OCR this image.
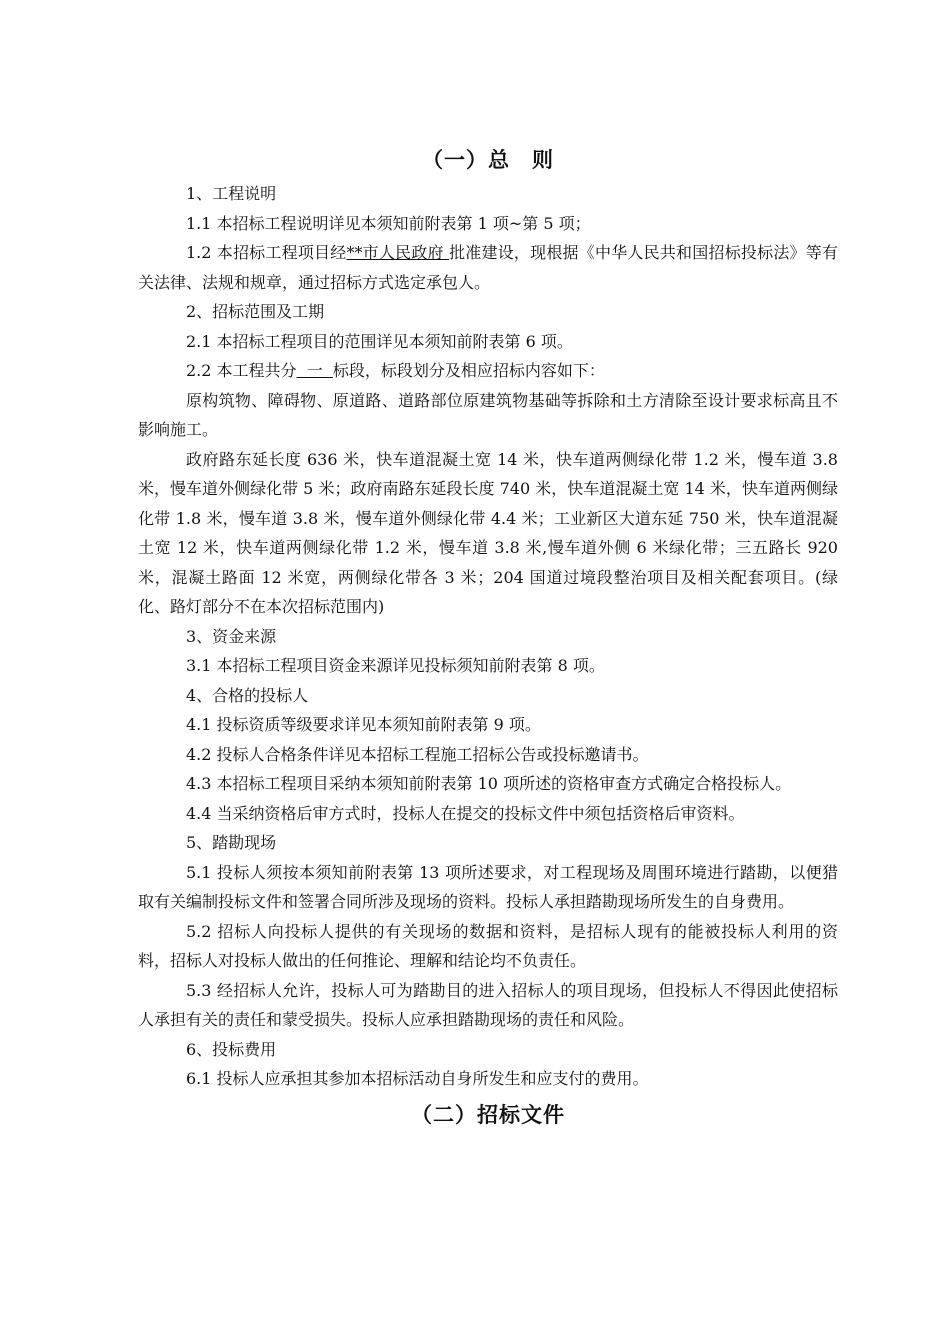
（一）总　则

1、工程说明

1.1 本招标工程说明详见本须知前附表第 1 项~第 5 项；

1.2 本招标工程项目经**市人民政府 批准建设，现根据《中华人民共和国招标投标法》等有关法律、法规和规章，通过招标方式选定承包人。

2、招标范围及工期

2.1 本招标工程项目的范围详见本须知前附表第 6 项。

2.2 本工程共分  一  标段，标段划分及相应招标内容如下：

原构筑物、障碍物、原道路、道路部位原建筑物基础等拆除和土方清除至设计要求标高且不影响施工。

政府路东延长度 636 米，快车道混凝土宽 14 米，快车道两侧绿化带 1.2 米，慢车道 3.8 米，慢车道外侧绿化带 5 米；政府南路东延段长度 740 米，快车道混凝土宽 14 米，快车道两侧绿化带 1.8 米，慢车道 3.8 米，慢车道外侧绿化带 4.4 米；工业新区大道东延 750 米，快车道混凝土宽 12 米，快车道两侧绿化带 1.2 米，慢车道 3.8 米,慢车道外侧 6 米绿化带；三五路长 920 米，混凝土路面 12 米宽，两侧绿化带各 3 米；204 国道过境段整治项目及相关配套项目。(绿化、路灯部分不在本次招标范围内)

3、资金来源

3.1 本招标工程项目资金来源详见投标须知前附表第 8 项。

4、合格的投标人

4.1 投标资质等级要求详见本须知前附表第 9 项。

4.2 投标人合格条件详见本招标工程施工招标公告或投标邀请书。

4.3 本招标工程项目采纳本须知前附表第 10 项所述的资格审查方式确定合格投标人。

4.4 当采纳资格后审方式时，投标人在提交的投标文件中须包括资格后审资料。

5、踏勘现场

5.1 投标人须按本须知前附表第 13 项所述要求，对工程现场及周围环境进行踏勘，以便猎取有关编制投标文件和签署合同所涉及现场的资料。投标人承担踏勘现场所发生的自身费用。

5.2 招标人向投标人提供的有关现场的数据和资料，是招标人现有的能被投标人利用的资料，招标人对投标人做出的任何推论、理解和结论均不负责任。

5.3 经招标人允许，投标人可为踏勘目的进入招标人的项目现场，但投标人不得因此使招标人承担有关的责任和蒙受损失。投标人应承担踏勘现场的责任和风险。

6、投标费用

6.1 投标人应承担其参加本招标活动自身所发生和应支付的费用。

（二）招标文件
